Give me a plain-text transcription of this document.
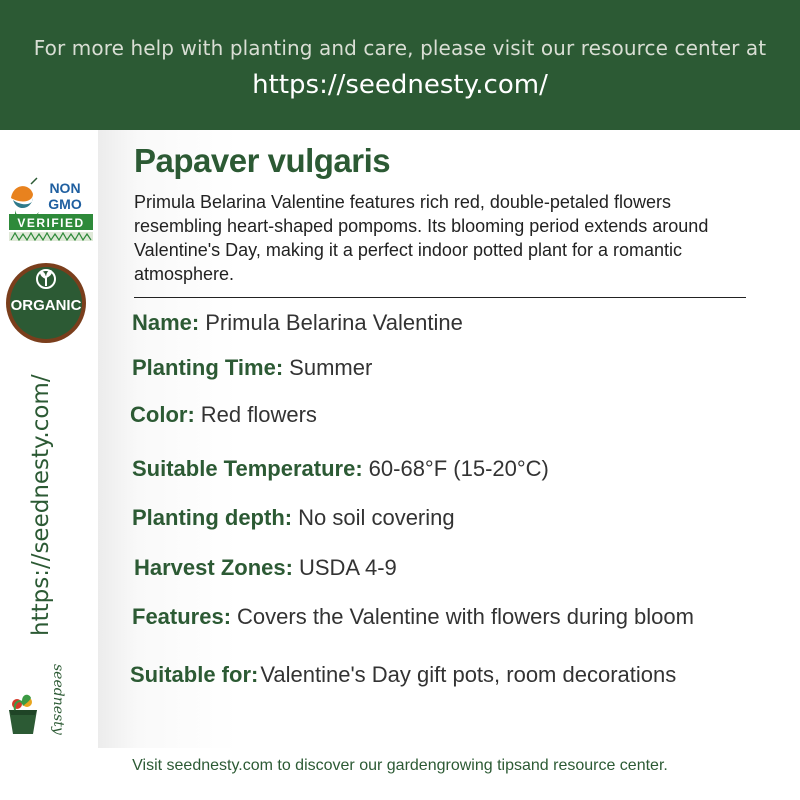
For more help with planting and care, please visit our resource center at
https://seednesty.com/
NON
GMO
VERIFIED
ORGANIC
https://seednesty.com/
seednesty
Papaver vulgaris
Primula Belarina Valentine features rich red, double-petaled flowers resembling heart-shaped pompoms. Its blooming period extends around Valentine's Day, making it a perfect indoor potted plant for a romantic atmosphere.
Name: Primula Belarina Valentine
Planting Time: Summer
Color: Red flowers
Suitable Temperature: 60-68°F (15-20°C)
Planting depth: No soil covering
Harvest Zones: USDA 4-9
Features: Covers the Valentine with flowers during bloom
Suitable for:Valentine's Day gift pots, room decorations
Visit seednesty.com to discover our gardengrowing tipsand resource center.
